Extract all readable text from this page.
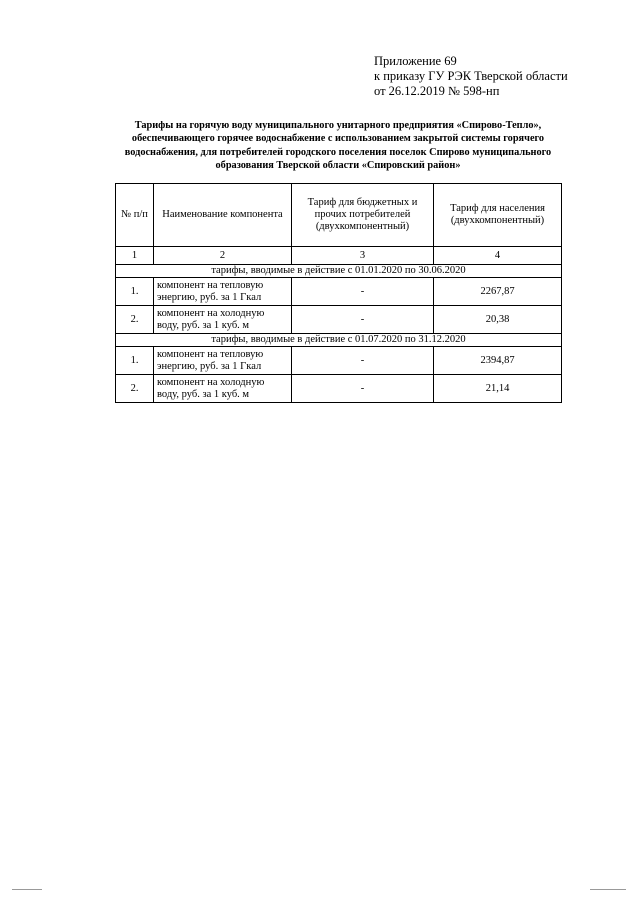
Приложение 69
к приказу ГУ РЭК Тверской области
от 26.12.2019 № 598-нп
Тарифы на горячую воду муниципального унитарного предприятия «Спирово-Тепло», обеспечивающего горячее водоснабжение с использованием закрытой системы горячего водоснабжения, для потребителей городского поселения поселок Спирово муниципального образования Тверской области «Спировский район»
№ п/п	Наименование компонента	Тариф для бюджетных и прочих потребителей (двухкомпонентный)	Тариф для населения (двухкомпонентный)
1	2	3	4
тарифы, вводимые в действие с 01.01.2020 по 30.06.2020			
1.	компонент на тепловую энергию, руб. за 1 Гкал	-	2267,87
2.	компонент на холодную воду, руб. за 1 куб. м	-	20,38
тарифы, вводимые в действие с 01.07.2020 по 31.12.2020			
1.	компонент на тепловую энергию, руб. за 1 Гкал	-	2394,87
2.	компонент на холодную воду, руб. за 1 куб. м	-	21,14
